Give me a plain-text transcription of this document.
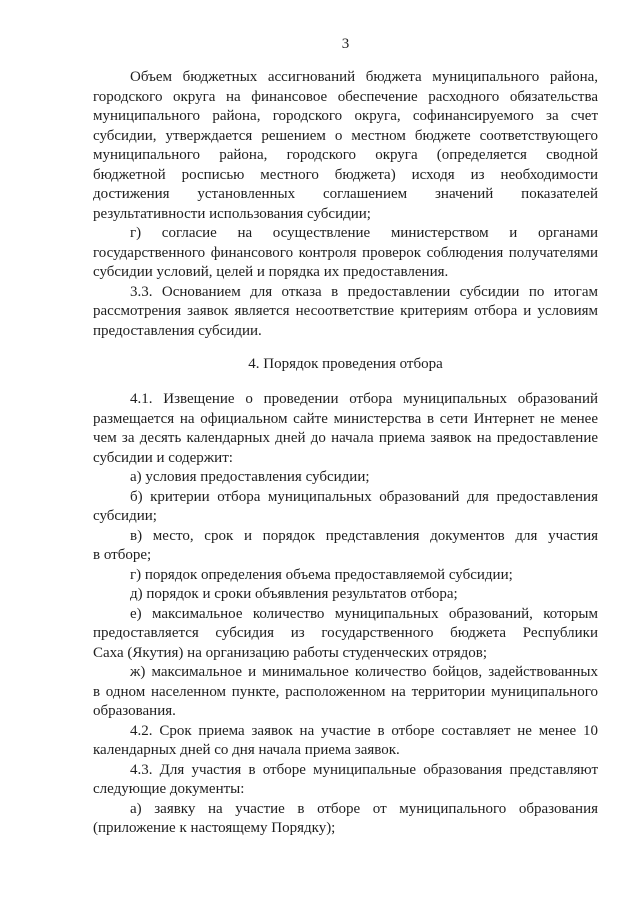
3
Объем бюджетных ассигнований бюджета муниципального района,
городского округа на финансовое обеспечение расходного обязательства
муниципального района, городского округа, софинансируемого за счет
субсидии, утверждается решением о местном бюджете соответствующего
муниципального района, городского округа (определяется сводной
бюджетной росписью местного бюджета) исходя из необходимости
достижения установленных соглашением значений показателей
результативности использования субсидии;
г) согласие на осуществление министерством и органами
государственного финансового контроля проверок соблюдения получателями
субсидии условий, целей и порядка их предоставления.
3.3. Основанием для отказа в предоставлении субсидии по итогам
рассмотрения заявок является несоответствие критериям отбора и условиям
предоставления субсидии.
4. Порядок проведения отбора
4.1. Извещение о проведении отбора муниципальных образований
размещается на официальном сайте министерства в сети Интернет не менее
чем за десять календарных дней до начала приема заявок на предоставление
субсидии и содержит:
а) условия предоставления субсидии;
б) критерии отбора муниципальных образований для предоставления
субсидии;
в) место, срок и порядок представления документов для участия
в отборе;
г) порядок определения объема предоставляемой субсидии;
д) порядок и сроки объявления результатов отбора;
е) максимальное количество муниципальных образований, которым
предоставляется субсидия из государственного бюджета Республики
Саха (Якутия) на организацию работы студенческих отрядов;
ж) максимальное и минимальное количество бойцов, задействованных
в одном населенном пункте, расположенном на территории муниципального
образования.
4.2. Срок приема заявок на участие в отборе составляет не менее 10
календарных дней со дня начала приема заявок.
4.3. Для участия в отборе муниципальные образования представляют
следующие документы:
а) заявку на участие в отборе от муниципального образования
(приложение к настоящему Порядку);
